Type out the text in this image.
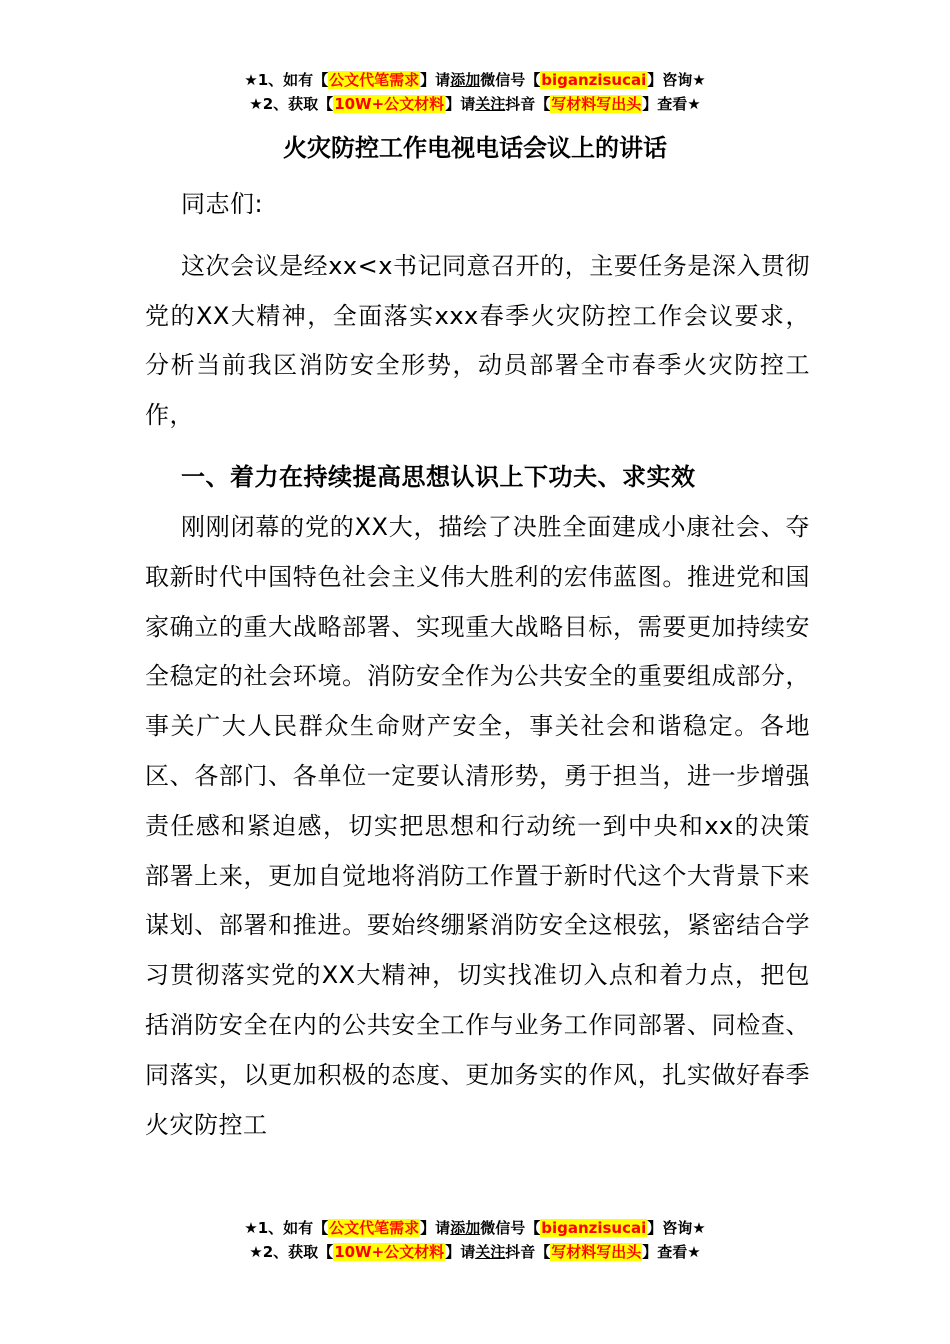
★1、如有【公文代笔需求】请添加微信号【biganzisucai】咨询★
★2、获取【10W+公文材料】请关注抖音【写材料写出头】查看★
火灾防控工作电视电话会议上的讲话

同志们:

这次会议是经xx<x书记同意召开的，主要任务是深入贯彻党的XX大精神，全面落实xxx春季火灾防控工作会议要求，分析当前我区消防安全形势，动员部署全市春季火灾防控工作，

一、着力在持续提高思想认识上下功夫、求实效

刚刚闭幕的党的XX大，描绘了决胜全面建成小康社会、夺取新时代中国特色社会主义伟大胜利的宏伟蓝图。推进党和国家确立的重大战略部署、实现重大战略目标，需要更加持续安全稳定的社会环境。消防安全作为公共安全的重要组成部分，事关广大人民群众生命财产安全，事关社会和谐稳定。各地区、各部门、各单位一定要认清形势，勇于担当，进一步增强责任感和紧迫感，切实把思想和行动统一到中央和xx的决策部署上来，更加自觉地将消防工作置于新时代这个大背景下来谋划、部署和推进。要始终绷紧消防安全这根弦，紧密结合学习贯彻落实党的XX大精神，切实找准切入点和着力点，把包括消防安全在内的公共安全工作与业务工作同部署、同检查、同落实，以更加积极的态度、更加务实的作风，扎实做好春季火灾防控工

★1、如有【公文代笔需求】请添加微信号【biganzisucai】咨询★
★2、获取【10W+公文材料】请关注抖音【写材料写出头】查看★
